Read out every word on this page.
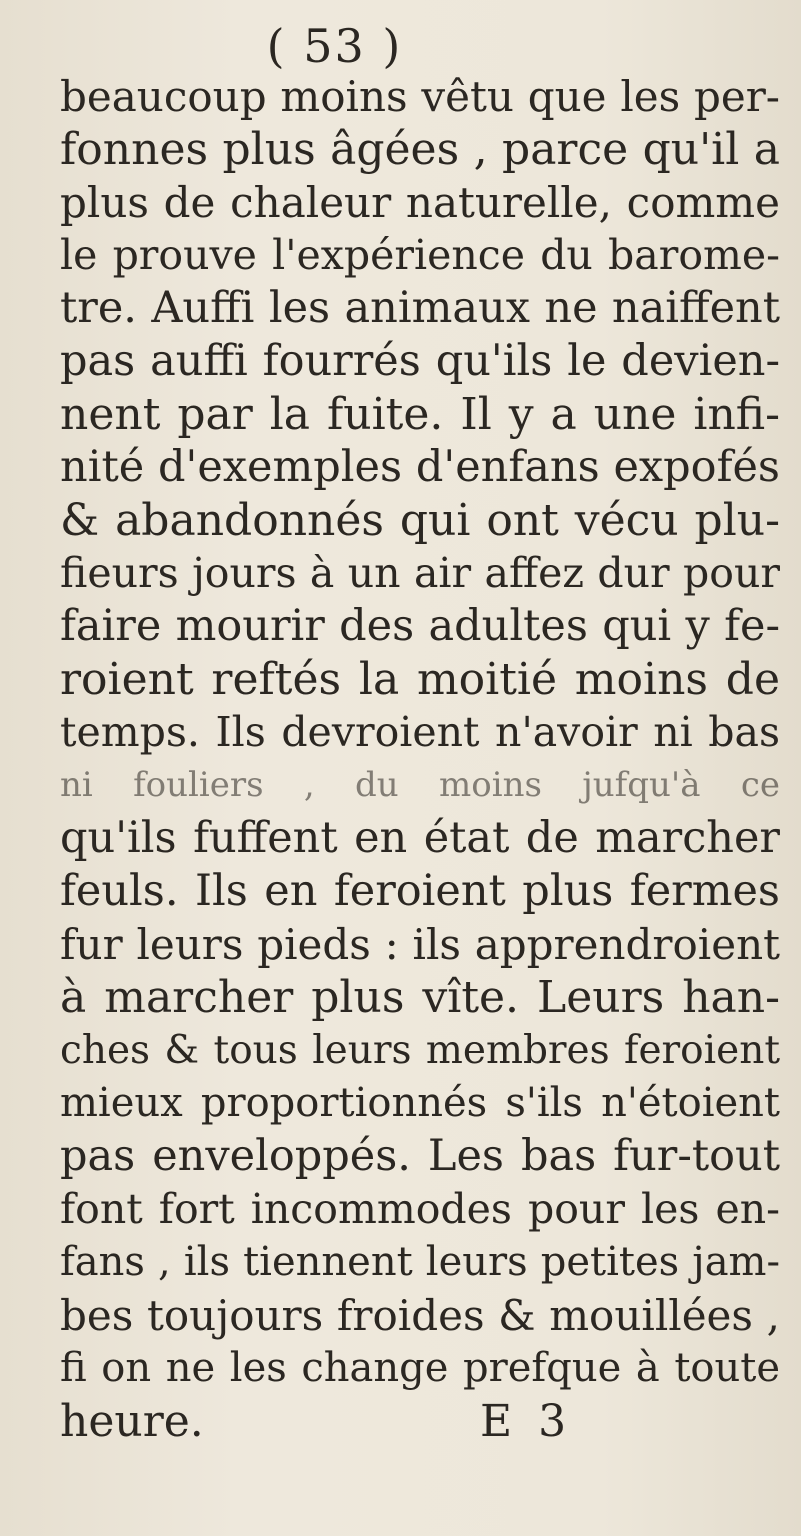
( 53 )
beaucoup moins vêtu que les per-
fonnes plus âgées , parce qu'il a
plus de chaleur naturelle, comme
le prouve l'expérience du barome-
tre. Auffi les animaux ne naiffent
pas auffi fourrés qu'ils le devien-
nent par la fuite. Il y a une infi-
nité d'exemples d'enfans expofés
& abandonnés qui ont vécu plu-
fieurs jours à un air affez dur pour
faire mourir des adultes qui y fe-
roient reftés la moitié moins de
temps. Ils devroient n'avoir ni bas
ni fouliers , du moins jufqu'à ce
qu'ils fuffent en état de marcher
feuls. Ils en feroient plus fermes
fur leurs pieds : ils apprendroient
à marcher plus vîte. Leurs han-
ches & tous leurs membres feroient
mieux proportionnés s'ils n'étoient
pas enveloppés. Les bas fur-tout
font fort incommodes pour les en-
fans , ils tiennent leurs petites jam-
bes toujours froides & mouillées ,
fi on ne les change prefque à toute
heure.	E 3
